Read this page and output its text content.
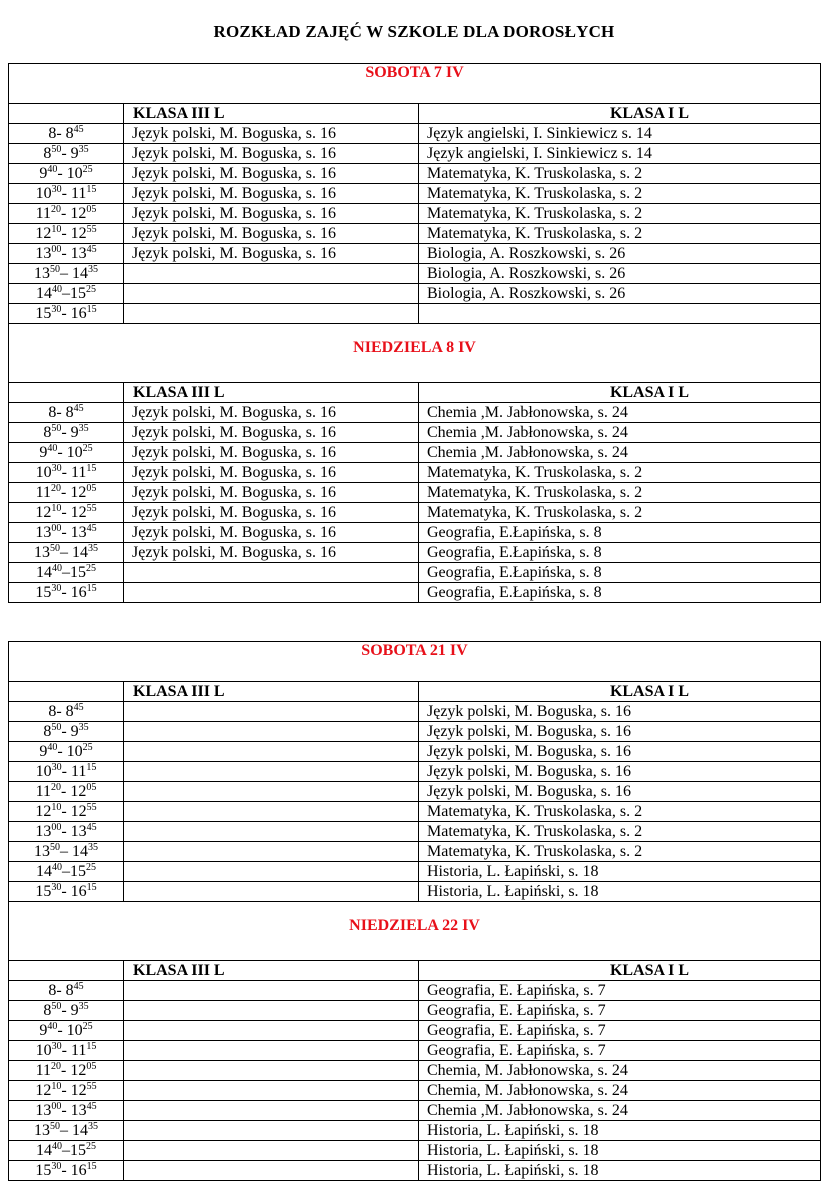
ROZKŁAD ZAJĘĆ W SZKOLE DLA DOROSŁYCH
SOBOTA 7 IV		
	KLASA III L	KLASA I L
8- $8^{45}$	Język polski, M. Boguska, s. 16	Język angielski, I. Sinkiewicz s. 14
$8^{50}-$ $9^{35}$	Język polski, M. Boguska, s. 16	Język angielski, I. Sinkiewicz s. 14
$9^{40}-$ $10^{25}$	Język polski, M. Boguska, s. 16	Matematyka, K. Truskolaska, s. 2
$10^{30}-$ $11^{15}$	Język polski, M. Boguska, s. 16	Matematyka, K. Truskolaska, s. 2
$11^{20}-$ $12^{05}$	Język polski, M. Boguska, s. 16	Matematyka, K. Truskolaska, s. 2
$12^{10}-$ $12^{55}$	Język polski, M. Boguska, s. 16	Matematyka, K. Truskolaska, s. 2
$13^{00}-$ $13^{45}$	Język polski, M. Boguska, s. 16	Biologia, A. Roszkowski, s. 26
$13^{50}-$ $14^{35}$		Biologia, A. Roszkowski, s. 26
$14^{40}-15^{25}$		Biologia, A. Roszkowski, s. 26
$15^{30}-$ $16^{15}$		
NIEDZIELA 8 IV		
	KLASA III L	KLASA I L
8- $8^{45}$	Język polski, M. Boguska, s. 16	Chemia ,M. Jabłonowska, s. 24
$8^{50}-$ $9^{35}$	Język polski, M. Boguska, s. 16	Chemia ,M. Jabłonowska, s. 24
$9^{40}-$ $10^{25}$	Język polski, M. Boguska, s. 16	Chemia ,M. Jabłonowska, s. 24
$10^{30}-$ $11^{15}$	Język polski, M. Boguska, s. 16	Matematyka, K. Truskolaska, s. 2
$11^{20}-$ $12^{05}$	Język polski, M. Boguska, s. 16	Matematyka, K. Truskolaska, s. 2
$12^{10}-$ $12^{55}$	Język polski, M. Boguska, s. 16	Matematyka, K. Truskolaska, s. 2
$13^{00}-$ $13^{45}$	Język polski, M. Boguska, s. 16	Geografia, E.Łapińska, s. 8
$13^{50}-$ $14^{35}$	Język polski, M. Boguska, s. 16	Geografia, E.Łapińska, s. 8
$14^{40}-15^{25}$		Geografia, E.Łapińska, s. 8
$15^{30}-$ $16^{15}$		Geografia, E.Łapińska, s. 8
SOBOTA 21 IV		
	KLASA III L	KLASA I L
8- $8^{45}$		Język polski, M. Boguska, s. 16
$8^{50}-$ $9^{35}$		Język polski, M. Boguska, s. 16
$9^{40}-$ $10^{25}$		Język polski, M. Boguska, s. 16
$10^{30}-$ $11^{15}$		Język polski, M. Boguska, s. 16
$11^{20}-$ $12^{05}$		Język polski, M. Boguska, s. 16
$12^{10}-$ $12^{55}$		Matematyka, K. Truskolaska, s. 2
$13^{00}-$ $13^{45}$		Matematyka, K. Truskolaska, s. 2
$13^{50}-$ $14^{35}$		Matematyka, K. Truskolaska, s. 2
$14^{40}-15^{25}$		Historia, L. Łapiński, s. 18
$15^{30}-$ $16^{15}$		Historia, L. Łapiński, s. 18
NIEDZIELA 22 IV		
	KLASA III L	KLASA I L
8- $8^{45}$		Geografia, E. Łapińska, s. 7
$8^{50}-$ $9^{35}$		Geografia, E. Łapińska, s. 7
$9^{40}-$ $10^{25}$		Geografia, E. Łapińska, s. 7
$10^{30}-$ $11^{15}$		Geografia, E. Łapińska, s. 7
$11^{20}-$ $12^{05}$		Chemia, M. Jabłonowska, s. 24
$12^{10}-$ $12^{55}$		Chemia, M. Jabłonowska, s. 24
$13^{00}-$ $13^{45}$		Chemia ,M. Jabłonowska, s. 24
$13^{50}-$ $14^{35}$		Historia, L. Łapiński, s. 18
$14^{40}-15^{25}$		Historia, L. Łapiński, s. 18
$15^{30}-$ $16^{15}$		Historia, L. Łapiński, s. 18
